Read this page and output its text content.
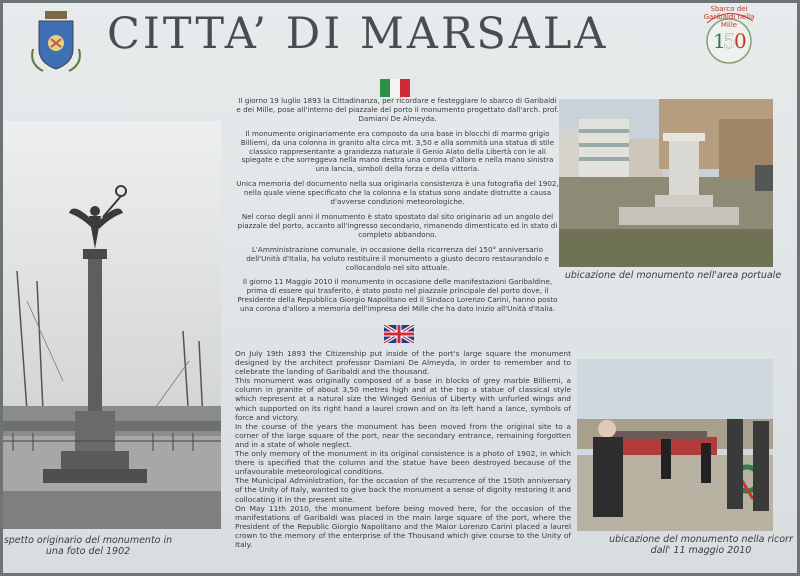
CITTA’ DI MARSALA	1
5
0
Sbarco dei Garibaldi nella Mille

Il giorno 19 luglio 1893 la Cittadinanza, per ricordare e festeggiare lo sbarco di Garibaldi e dei Mille, pose all'interno del piazzale del porto il monumento progettato dall'arch. prof. Damiani De Almeyda.

Il monumento originariamente era composto da una base in blocchi di marmo grigio Billiemi, da una colonna in granito alta circa mt. 3,50 e alla sommità una statua di stile classico rappresentante a grandezza naturale il Genio Alato della Libertà con le ali spiegate e che sorreggeva nella mano destra una corona d'alloro e nella mano sinistra una lancia, simboli della forza e della vittoria.

Unica memoria del documento nella sua originaria consistenza è una fotografia del 1902, nella quale viene specificato che la colonna e la statua sono andate distrutte a causa d'avverse condizioni meteorologiche.

Nel corso degli anni il monumento è stato spostato dal sito originario ad un angolo del piazzale del porto, accanto all'ingresso secondario, rimanendo dimenticato ed in stato di completo abbandono.

L'Amministrazione comunale, in occasione della ricorrenza del 150° anniversario dell'Unità d'Italia, ha voluto restituire il monumento a giusto decoro restaurandolo e collocandolo nel sito attuale.

Il giorno 11 Maggio 2010 il monumento in occasione delle manifestazioni Garibaldine, prima di essere qui trasferito, è stato posto nel piazzale principale del porto dove, il Presidente della Repubblica Giorgio Napolitano ed il Sindaco Lorenzo Carini, hanno posto una corona d'alloro a memoria dell'impresa dei Mille che ha dato inizio all'Unità d'Italia.

On July 19th 1893 the Citizenship put inside of the port's large square the monument designed by the architect professor Damiani De Almeyda, in order to remember and to celebrate the landing of Garibaldi and the thousand.

This monument was originally composed of a base in blocks of grey marble Billiemi, a column in granite of about 3,50 metres high and at the top a statue of classical style which represent at a natural size the Winged Genius of Liberty with unfurled wings and which supported on its right hand a laurel crown and on its left hand a lance, symbols of force and victory.

In the course of the years the monument has been moved from the original site to a corner of the large square of the port, near the secondary entrance, remaining forgotten and in a state of whole neglect.

The only memory of the monument in its original consistence is a photo of 1902, in which there is specified that the column and the statue have been destroyed because of the unfavourable meteorological conditions.

The Municipal Administration, for the occasion of the recurrence of the 150th anniversary of the Unity of Italy, wanted to give back the monument a sense of dignity restoring it and collocating it in the present site.

On May 11th 2010, the monument before being moved here, for the occasion of the manifestations of Garibaldi was placed in the main large square of the port, where the President of the Republic Giorgio Napolitano and the Maior Lorenzo Carini placed a laurel crown to the memory of the enterprise of the Thousand which give course to the Unity of Italy.

spetto originario del monumento in una foto del 1902
ubicazione del monumento nell'area portuale
ubicazione del monumento nella ricorr dall' 11 maggio 2010
